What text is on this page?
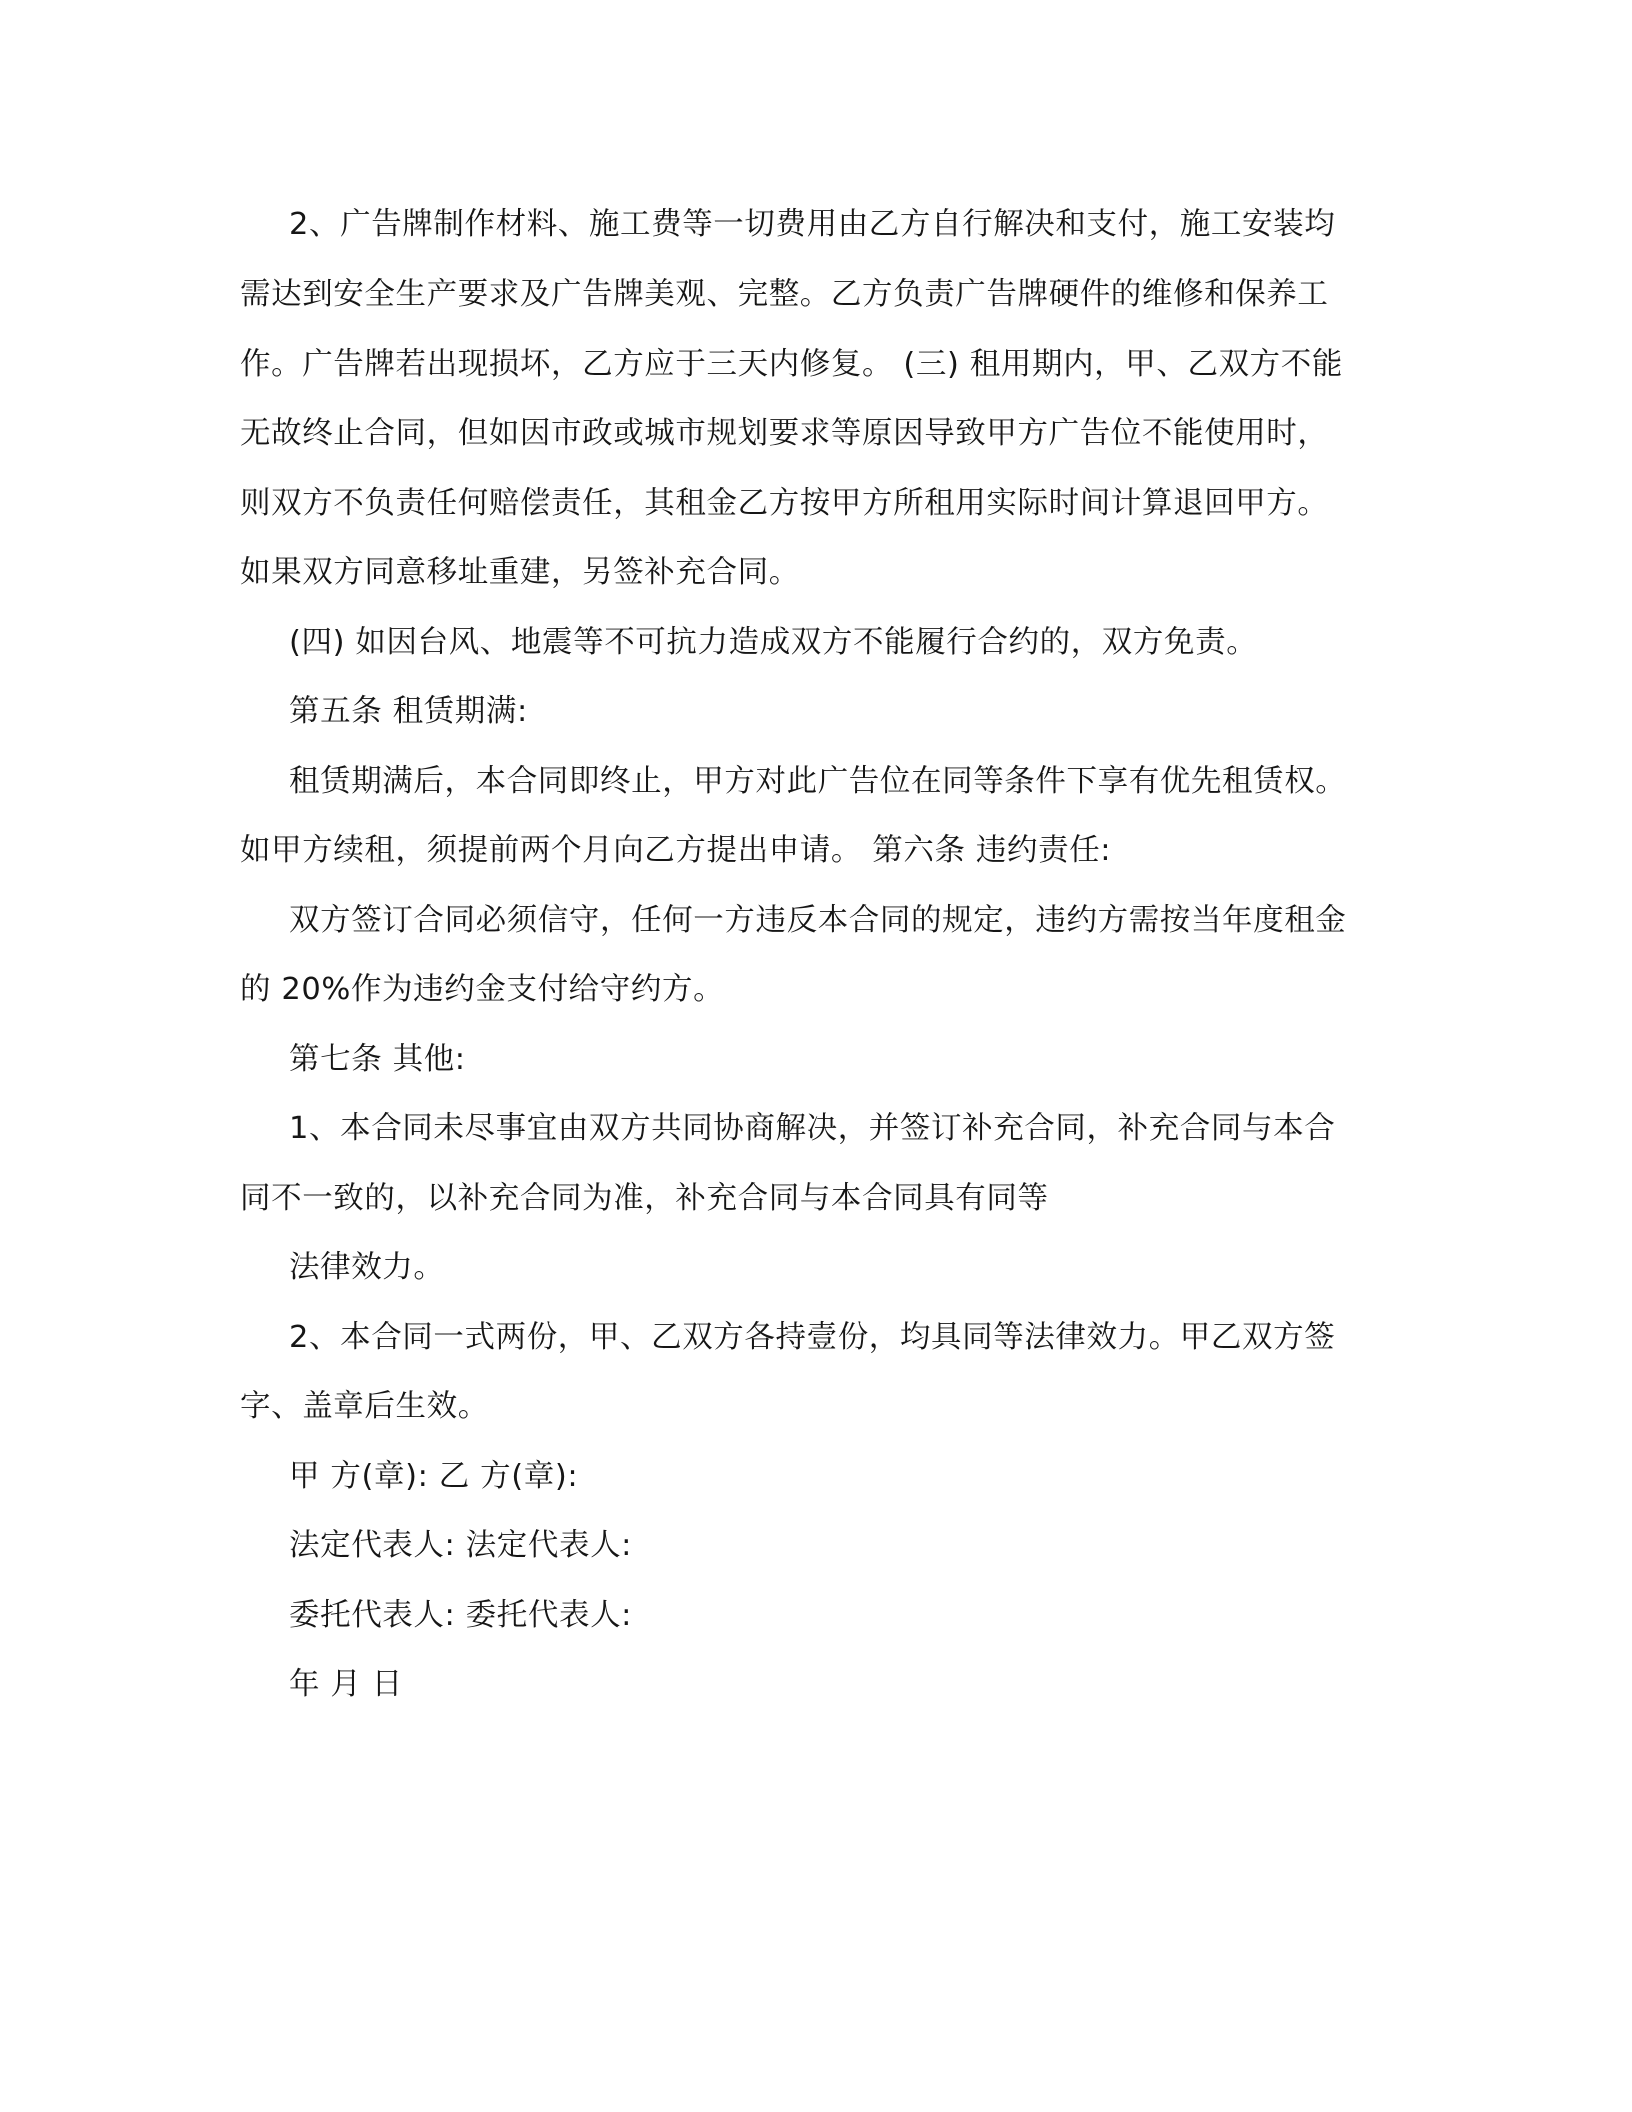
2、广告牌制作材料、施工费等一切费用由乙方自行解决和支付，施工安装均

需达到安全生产要求及广告牌美观、完整。乙方负责广告牌硬件的维修和保养工

作。广告牌若出现损坏，乙方应于三天内修复。 (三) 租用期内，甲、乙双方不能

无故终止合同，但如因市政或城市规划要求等原因导致甲方广告位不能使用时，

则双方不负责任何赔偿责任，其租金乙方按甲方所租用实际时间计算退回甲方。

如果双方同意移址重建，另签补充合同。

(四) 如因台风、地震等不可抗力造成双方不能履行合约的，双方免责。

第五条 租赁期满:

租赁期满后，本合同即终止，甲方对此广告位在同等条件下享有优先租赁权。

如甲方续租，须提前两个月向乙方提出申请。 第六条 违约责任:

双方签订合同必须信守，任何一方违反本合同的规定，违约方需按当年度租金

的 20%作为违约金支付给守约方。

第七条 其他:

1、本合同未尽事宜由双方共同协商解决，并签订补充合同，补充合同与本合

同不一致的，以补充合同为准，补充合同与本合同具有同等

法律效力。

2、本合同一式两份，甲、乙双方各持壹份，均具同等法律效力。甲乙双方签

字、盖章后生效。

甲 方(章): 乙 方(章):

法定代表人: 法定代表人:

委托代表人: 委托代表人:

年 月 日
